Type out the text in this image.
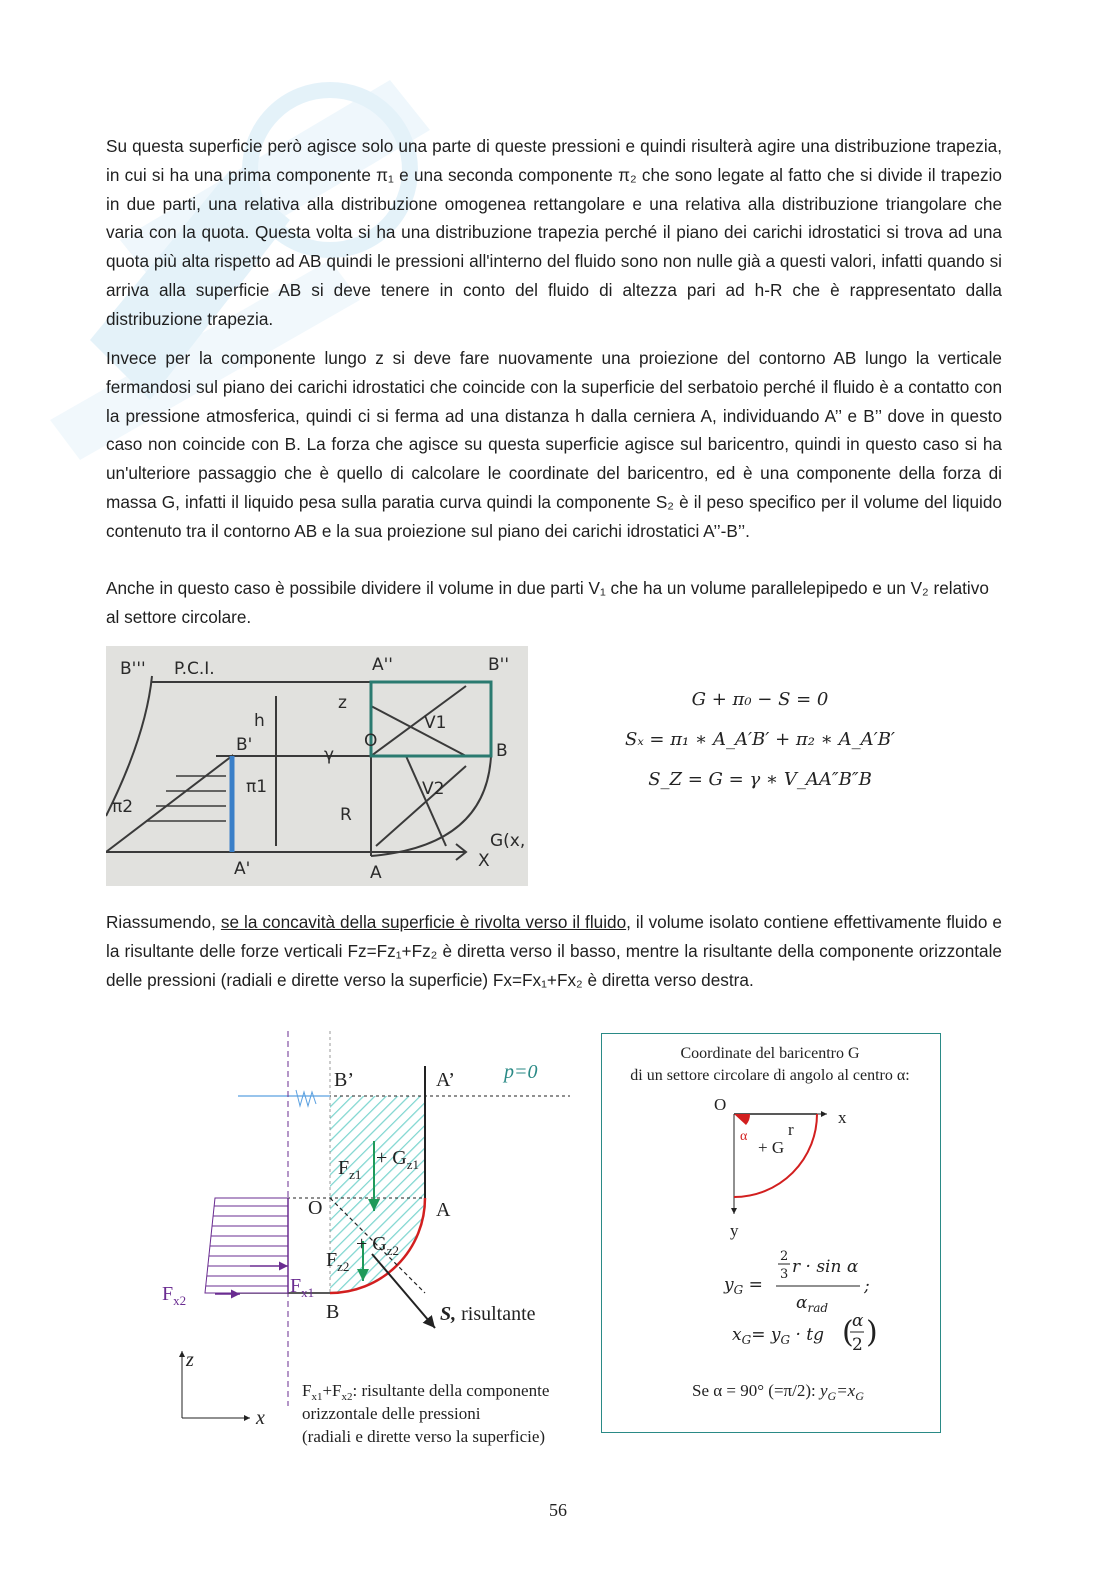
Su questa superficie però agisce solo una parte di queste pressioni e quindi risulterà agire una distribuzione trapezia, in cui si ha una prima componente π₁ e una seconda componente π₂ che sono legate al fatto che si divide il trapezio in due parti, una relativa alla distribuzione omogenea rettangolare e una relativa alla distribuzione triangolare che varia con la quota. Questa volta si ha una distribuzione trapezia perché il piano dei carichi idrostatici si trova ad una quota più alta rispetto ad AB quindi le pressioni all'interno del fluido sono non nulle già a questi valori, infatti quando si arriva alla superficie AB si deve tenere in conto del fluido di altezza pari ad h-R che è rappresentato dalla distribuzione trapezia.

Invece per la componente lungo z si deve fare nuovamente una proiezione del contorno AB lungo la verticale fermandosi sul piano dei carichi idrostatici che coincide con la superficie del serbatoio perché il fluido è a contatto con la pressione atmosferica, quindi ci si ferma ad una distanza h dalla cerniera A, individuando A’’ e B’’ dove in questo caso non coincide con B. La forza che agisce su questa superficie agisce sul baricentro, quindi in questo caso si ha un'ulteriore passaggio che è quello di calcolare le coordinate del baricentro, ed è una componente della forza di massa G, infatti il liquido pesa sulla paratia curva quindi la componente S₂ è il peso specifico per il volume del liquido contenuto tra il contorno AB e la sua proiezione sul piano dei carichi idrostatici A’’-B’’.

Anche in questo caso è possibile dividere il volume in due parti V₁ che ha un volume parallelepipedo e un V₂ relativo al settore circolare.

B''' P.C.I.	A''	B''
B'
A'
h
γ
O	B
π1
π2	R
A
V1
V2
z
X
G(x,
G + π₀ − S = 0
Sₓ = π₁ ∗ A_A′B′ + π₂ ∗ A_A′B′
S_Z = G = γ ∗ V_AA″B″B

Riassumendo, se la concavità della superficie è rivolta verso il fluido, il volume isolato contiene effettivamente fluido e la risultante delle forze verticali Fz=Fz₁+Fz₂ è diretta verso il basso, mentre la risultante della componente orizzontale delle pressioni (radiali e dirette verso la superficie) Fx=Fx₁+Fx₂ è diretta verso destra.

B’	A’ p=0
O	A
B
$F_{z1}$
+ $G_{z1}$
$F_{z2}$
+ $G_{z2}$
$F_{x1}$
$F_{x2}$
S, risultante
z
x
$F_{x1}+F_{x2}$: risultante della componente
orizzontale delle pressioni
(radiali e dirette verso la superficie)
Coordinate del baricentro G
di un settore circolare di angolo al centro α:
O
x
y
r
α
+ G
$y_G$ =
2
3 r · sin α
$\alpha_{rad}$
;
$x_G= y_G$ · tg (
α
2 )
Se α = 90° (=π/2): $y_G=x_G$
56
